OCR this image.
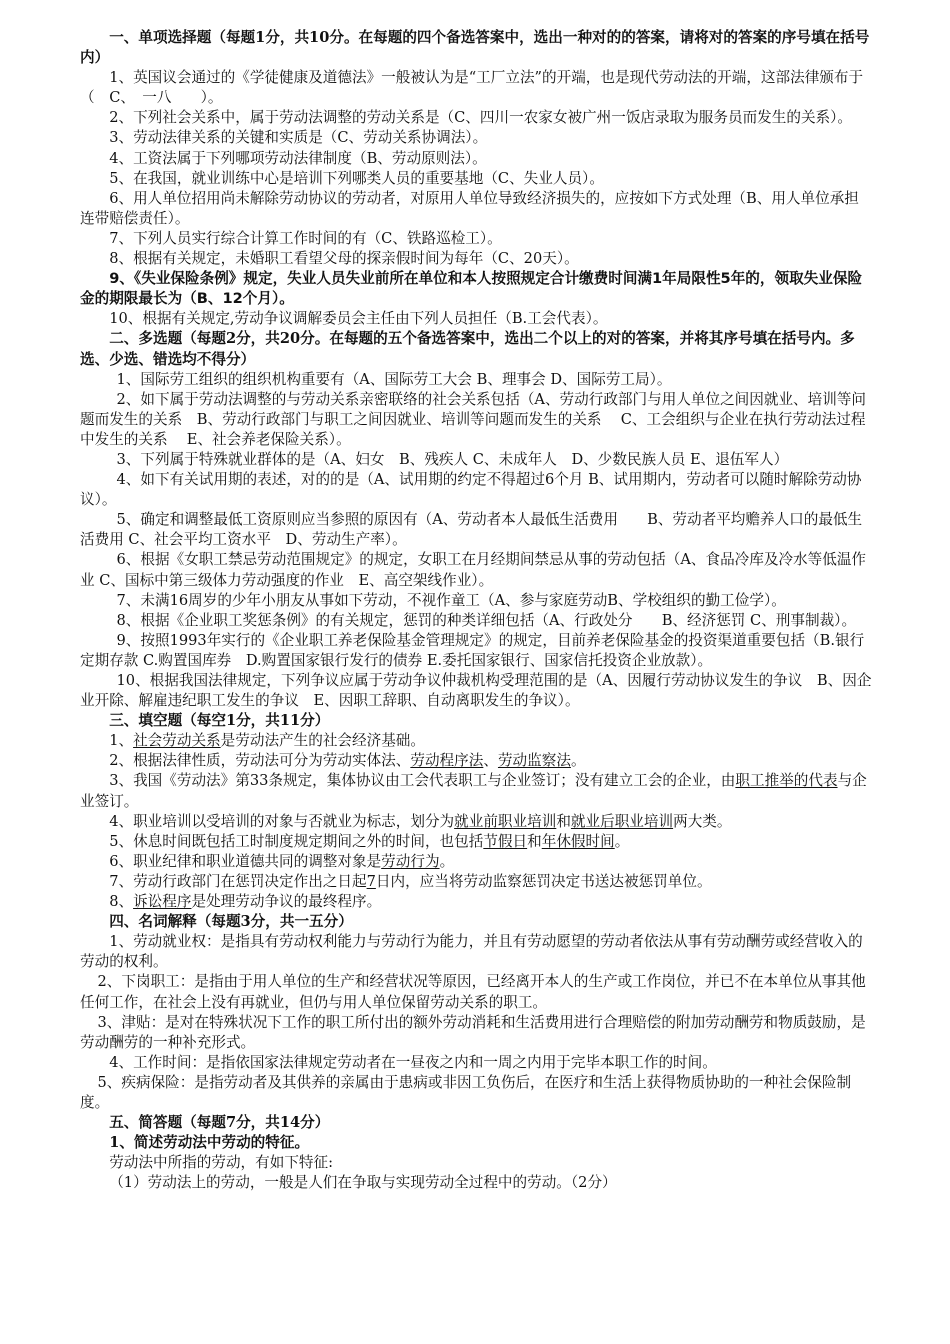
一、单项选择题（每题1分，共10分。在每题的四个备选答案中，选出一种对的的答案，请将对的答案的序号填在括号内）

1、英国议会通过的《学徒健康及道德法》一般被认为是“工厂立法”的开端，也是现代劳动法的开端，这部法律颁布于（　C、　一八　　）。

2、下列社会关系中，属于劳动法调整的劳动关系是（C、四川一农家女被广州一饭店录取为服务员而发生的关系）。

3、劳动法律关系的关键和实质是（C、劳动关系协调法）。

4、工资法属于下列哪项劳动法律制度（B、劳动原则法）。

5、在我国，就业训练中心是培训下列哪类人员的重要基地（C、失业人员）。

6、用人单位招用尚未解除劳动协议的劳动者，对原用人单位导致经济损失的，应按如下方式处理（B、用人单位承担连带赔偿责任）。

7、下列人员实行综合计算工作时间的有（C、铁路巡检工）。

8、根据有关规定，未婚职工看望父母的探亲假时间为每年（C、20天）。

9、《失业保险条例》规定，失业人员失业前所在单位和本人按照规定合计缴费时间满1年局限性5年的，领取失业保险金的期限最长为（B、12个月）。

10、根据有关规定,劳动争议调解委员会主任由下列人员担任（B.工会代表）。

二、多选题（每题2分，共20分。在每题的五个备选答案中，选出二个以上的对的答案，并将其序号填在括号内。多选、少选、错选均不得分）

1、国际劳工组织的组织机构重要有（A、国际劳工大会 B、理事会 D、国际劳工局）。

2、如下属于劳动法调整的与劳动关系亲密联络的社会关系包括（A、劳动行政部门与用人单位之间因就业、培训等问题而发生的关系　B、劳动行政部门与职工之间因就业、培训等问题而发生的关系　 C、工会组织与企业在执行劳动法过程中发生的关系　 E、社会养老保险关系）。

3、下列属于特殊就业群体的是（A、妇女　B、残疾人 C、未成年人　D、少数民族人员 E、退伍军人）

4、如下有关试用期的表述，对的的是（A、试用期的约定不得超过6个月 B、试用期内，劳动者可以随时解除劳动协议）。

5、确定和调整最低工资原则应当参照的原因有（A、劳动者本人最低生活费用　　B、劳动者平均赡养人口的最低生活费用 C、社会平均工资水平　D、劳动生产率）。

6、根据《女职工禁忌劳动范围规定》的规定，女职工在月经期间禁忌从事的劳动包括（A、食品冷库及冷水等低温作业 C、国标中第三级体力劳动强度的作业　E、高空架线作业）。

7、未满16周岁的少年小朋友从事如下劳动，不视作童工（A、参与家庭劳动B、学校组织的勤工俭学）。

8、根据《企业职工奖惩条例》的有关规定，惩罚的种类详细包括（A、行政处分　　B、经济惩罚 C、刑事制裁）。

9、按照1993年实行的《企业职工养老保险基金管理规定》的规定，目前养老保险基金的投资渠道重要包括（B.银行定期存款 C.购置国库券　D.购置国家银行发行的债券 E.委托国家银行、国家信托投资企业放款）。

10、根据我国法律规定，下列争议应属于劳动争议仲裁机构受理范围的是（A、因履行劳动协议发生的争议　B、因企业开除、解雇违纪职工发生的争议　E、因职工辞职、自动离职发生的争议）。

三、填空题（每空1分，共11分）

1、社会劳动关系是劳动法产生的社会经济基础。

2、根据法律性质，劳动法可分为劳动实体法、劳动程序法、劳动监察法。

3、我国《劳动法》第33条规定，集体协议由工会代表职工与企业签订；没有建立工会的企业，由职工推举的代表与企业签订。

4、职业培训以受培训的对象与否就业为标志，划分为就业前职业培训和就业后职业培训两大类。

5、休息时间既包括工时制度规定期间之外的时间，也包括节假日和年休假时间。

6、职业纪律和职业道德共同的调整对象是劳动行为。

7、劳动行政部门在惩罚决定作出之日起7日内，应当将劳动监察惩罚决定书送达被惩罚单位。

8、诉讼程序是处理劳动争议的最终程序。

四、名词解释（每题3分，共一五分）

1、劳动就业权：是指具有劳动权利能力与劳动行为能力，并且有劳动愿望的劳动者依法从事有劳动酬劳或经营收入的劳动的权利。

2、下岗职工：是指由于用人单位的生产和经营状况等原因，已经离开本人的生产或工作岗位，并已不在本单位从事其他任何工作，在社会上没有再就业，但仍与用人单位保留劳动关系的职工。

3、津贴：是对在特殊状况下工作的职工所付出的额外劳动消耗和生活费用进行合理赔偿的附加劳动酬劳和物质鼓励，是劳动酬劳的一种补充形式。

4、工作时间：是指依国家法律规定劳动者在一昼夜之内和一周之内用于完毕本职工作的时间。

5、疾病保险：是指劳动者及其供养的亲属由于患病或非因工负伤后，在医疗和生活上获得物质协助的一种社会保险制度。

五、简答题（每题7分，共14分）

1、简述劳动法中劳动的特征。

劳动法中所指的劳动，有如下特征:

（1）劳动法上的劳动，一般是人们在争取与实现劳动全过程中的劳动。（2分）
